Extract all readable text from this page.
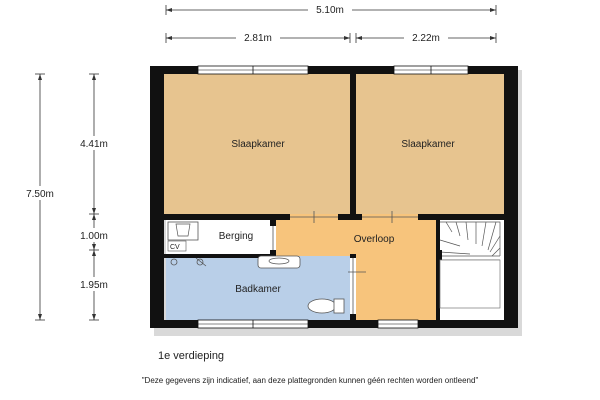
5.10m
2.81m	2.22m
7.50m
4.41m
1.00m
1.95m
CV
Slaapkamer	Slaapkamer
Berging	Overloop
Badkamer
1e verdieping
"Deze gegevens zijn indicatief, aan deze plattegronden kunnen géén rechten worden ontleend"
